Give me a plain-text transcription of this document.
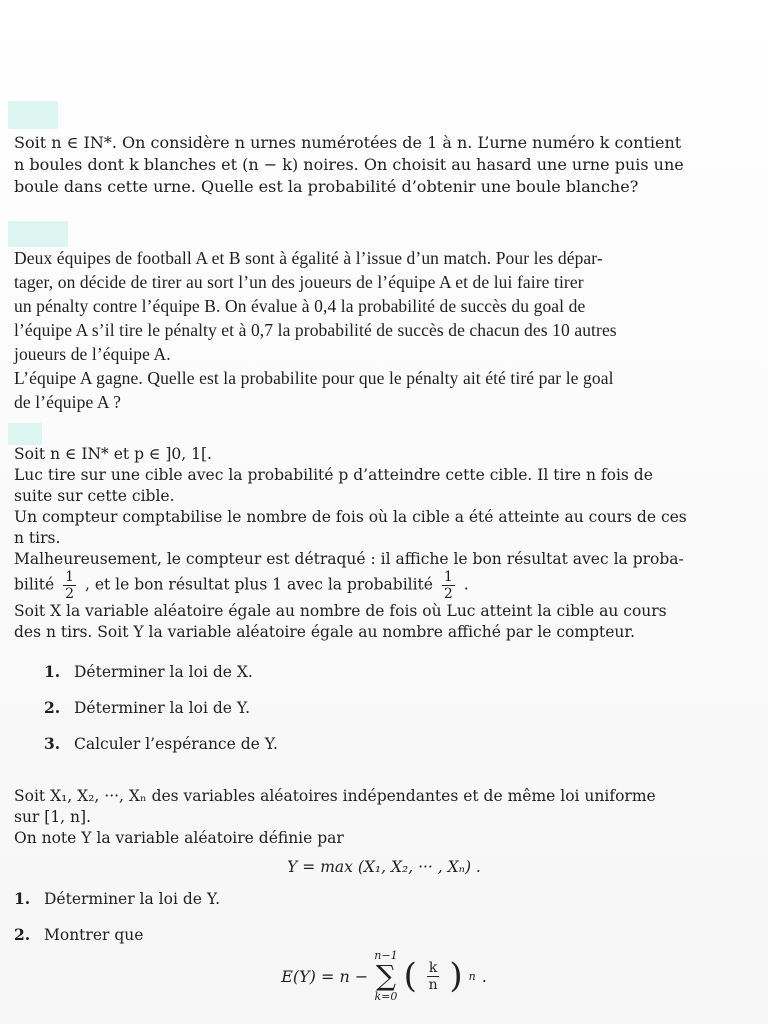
Soit n ∈ IN*. On considère n urnes numérotées de 1 à n. L’urne numéro k contient

n boules dont k blanches et (n − k) noires. On choisit au hasard une urne puis une

boule dans cette urne. Quelle est la probabilité d’obtenir une boule blanche?

Deux équipes de football A et B sont à égalité à l’issue d’un match. Pour les dépar-

tager, on décide de tirer au sort l’un des joueurs de l’équipe A et de lui faire tirer

un pénalty contre l’équipe B. On évalue à 0,4 la probabilité de succès du goal de

l’équipe A s’il tire le pénalty et à 0,7 la probabilité de succès de chacun des 10 autres

joueurs de l’équipe A.

L’équipe A gagne. Quelle est la probabilite pour que le pénalty ait été tiré par le goal

de l’équipe A ?

Soit n ∈ IN* et p ∈ ]0, 1[.

Luc tire sur une cible avec la probabilité p d’atteindre cette cible. Il tire n fois de

suite sur cette cible.

Un compteur comptabilise le nombre de fois où la cible a été atteinte au cours de ces

n tirs.

Malheureusement, le compteur est détraqué : il affiche le bon résultat avec la proba-

bilité $\frac{1}{2}$ , et le bon résultat plus 1 avec la probabilité $\frac{1}{2}$ .

Soit X la variable aléatoire égale au nombre de fois où Luc atteint la cible au cours

des n tirs. Soit Y la variable aléatoire égale au nombre affiché par le compteur.

1. Déterminer la loi de X.
2. Déterminer la loi de Y.
3. Calculer l’espérance de Y.

Soit X₁, X₂, ···, Xₙ des variables aléatoires indépendantes et de même loi uniforme

sur [1, n].

On note Y la variable aléatoire définie par

Y = max (X₁, X₂, ··· , Xₙ) .

1. Déterminer la loi de Y.
2. Montrer que
E(Y) = n −
n−1
∑
k=0
( $\frac{k}{n}$ ) n .
